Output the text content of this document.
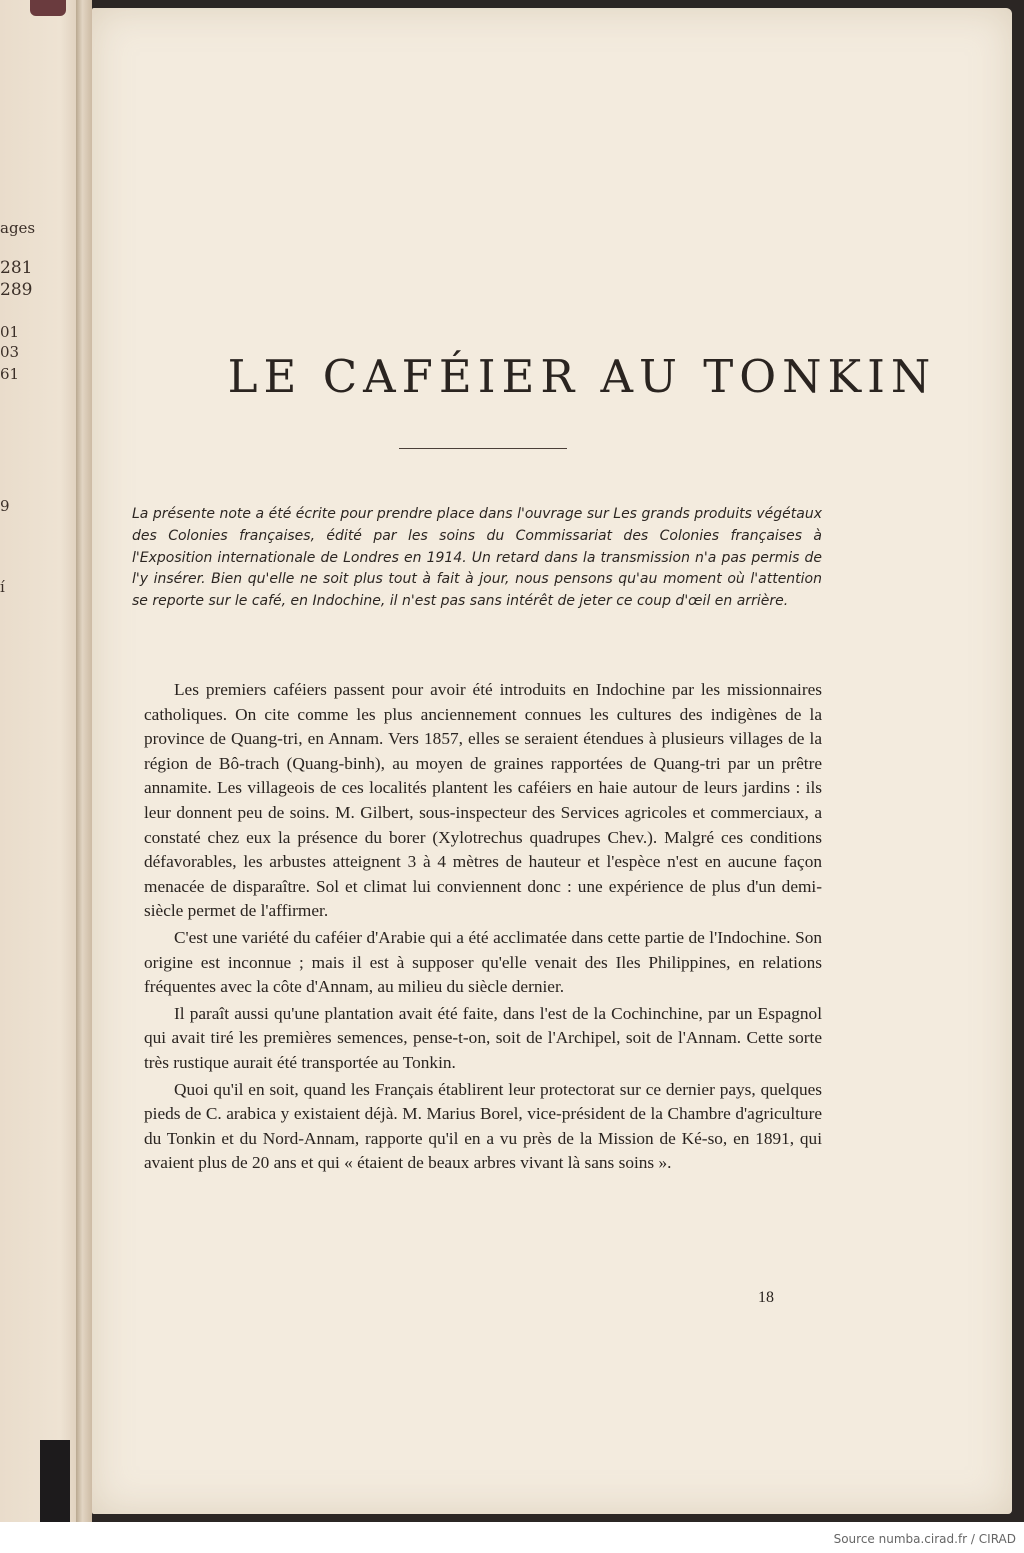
ages
281
289
01
03
61
9
í
LE CAFÉIER AU TONKIN
La présente note a été écrite pour prendre place dans l'ouvrage sur Les grands produits végétaux des Colonies françaises, édité par les soins du Commissariat des Colonies françaises à l'Exposition internationale de Londres en 1914. Un retard dans la transmission n'a pas permis de l'y insérer. Bien qu'elle ne soit plus tout à fait à jour, nous pensons qu'au moment où l'attention se reporte sur le café, en Indochine, il n'est pas sans intérêt de jeter ce coup d'œil en arrière.

Les premiers caféiers passent pour avoir été introduits en Indochine par les missionnaires catholiques. On cite comme les plus anciennement connues les cultures des indigènes de la province de Quang-tri, en Annam. Vers 1857, elles se seraient étendues à plusieurs villages de la région de Bô-trach (Quang-binh), au moyen de graines rapportées de Quang-tri par un prêtre annamite. Les villageois de ces localités plantent les caféiers en haie autour de leurs jardins : ils leur donnent peu de soins. M. Gilbert, sous-inspecteur des Services agricoles et commerciaux, a constaté chez eux la présence du borer (Xylotrechus quadrupes Chev.). Malgré ces conditions défavorables, les arbustes atteignent 3 à 4 mètres de hauteur et l'espèce n'est en aucune façon menacée de disparaître. Sol et climat lui conviennent donc : une expérience de plus d'un demi-siècle permet de l'affirmer.

C'est une variété du caféier d'Arabie qui a été acclimatée dans cette partie de l'Indochine. Son origine est inconnue ; mais il est à supposer qu'elle venait des Iles Philippines, en relations fréquentes avec la côte d'Annam, au milieu du siècle dernier.

Il paraît aussi qu'une plantation avait été faite, dans l'est de la Cochinchine, par un Espagnol qui avait tiré les premières semences, pense-t-on, soit de l'Archipel, soit de l'Annam. Cette sorte très rustique aurait été transportée au Tonkin.

Quoi qu'il en soit, quand les Français établirent leur protectorat sur ce dernier pays, quelques pieds de C. arabica y existaient déjà. M. Marius Borel, vice-président de la Chambre d'agriculture du Tonkin et du Nord-Annam, rapporte qu'il en a vu près de la Mission de Ké-so, en 1891, qui avaient plus de 20 ans et qui « étaient de beaux arbres vivant là sans soins ».

18
Source numba.cirad.fr / CIRAD
